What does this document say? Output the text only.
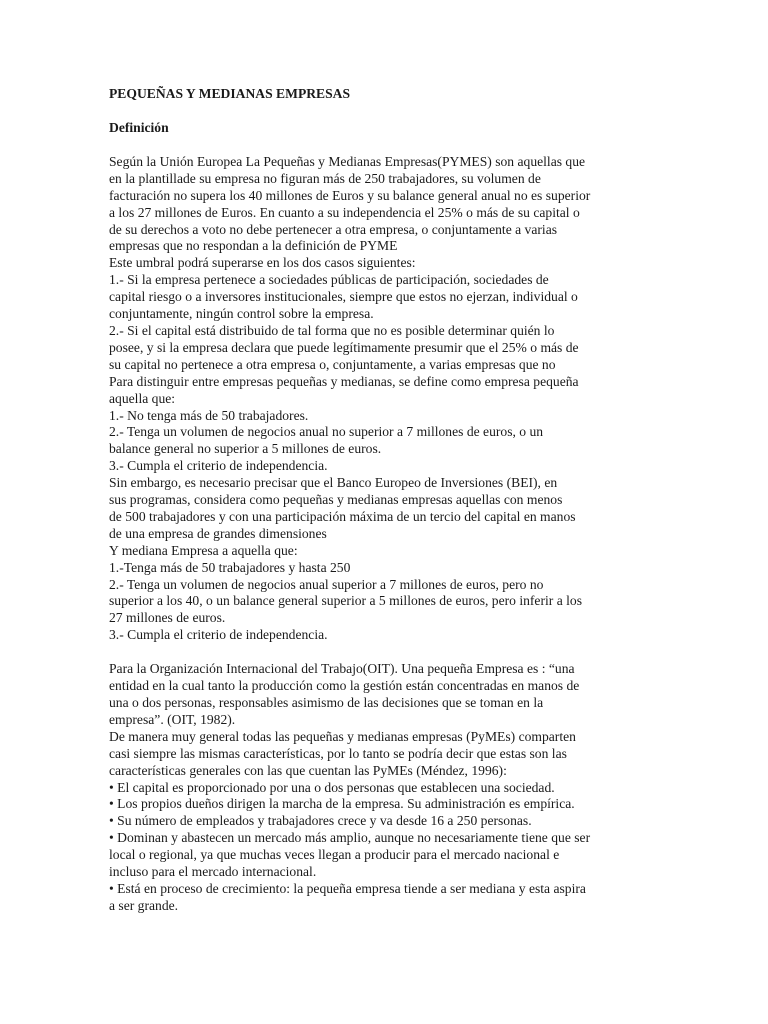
PEQUEÑAS Y MEDIANAS EMPRESAS
Definición
Según la Unión Europea La Pequeñas y Medianas Empresas(PYMES) son aquellas que
en la plantillade su empresa no figuran más de 250 trabajadores, su volumen de
facturación no supera los 40 millones de Euros y su balance general anual no es superior
a los 27 millones de Euros. En cuanto a su independencia el 25% o más de su capital o
de su derechos a voto no debe pertenecer a otra empresa, o conjuntamente a varias
empresas que no respondan a la definición de PYME
Este umbral podrá superarse en los dos casos siguientes:
1.- Si la empresa pertenece a sociedades públicas de participación, sociedades de
capital riesgo o a inversores institucionales, siempre que estos no ejerzan, individual o
conjuntamente, ningún control sobre la empresa.
2.- Si el capital está distribuido de tal forma que no es posible determinar quién lo
posee, y si la empresa declara que puede legítimamente presumir que el 25% o más de
su capital no pertenece a otra empresa o, conjuntamente, a varias empresas que no
Para distinguir entre empresas pequeñas y medianas, se define como empresa pequeña
aquella que:
1.- No tenga más de 50 trabajadores.
2.- Tenga un volumen de negocios anual no superior a 7 millones de euros, o un
balance general no superior a 5 millones de euros.
3.- Cumpla el criterio de independencia.
Sin embargo, es necesario precisar que el Banco Europeo de Inversiones (BEI), en
sus programas, considera como pequeñas y medianas empresas aquellas con menos
de 500 trabajadores y con una participación máxima de un tercio del capital en manos
de una empresa de grandes dimensiones
Y mediana Empresa a aquella que:
1.-Tenga más de 50 trabajadores y hasta 250
2.- Tenga un volumen de negocios anual superior a 7 millones de euros, pero no
superior a los 40, o un balance general superior a 5 millones de euros, pero inferir a los
27 millones de euros.
3.- Cumpla el criterio de independencia.
Para la Organización Internacional del Trabajo(OIT). Una pequeña Empresa es : “una
entidad en la cual tanto la producción como la gestión están concentradas en manos de
una o dos personas, responsables asimismo de las decisiones que se toman en la
empresa”. (OIT, 1982).
De manera muy general todas las pequeñas y medianas empresas (PyMEs) comparten
casi siempre las mismas características, por lo tanto se podría decir que estas son las
características generales con las que cuentan las PyMEs (Méndez, 1996):
• El capital es proporcionado por una o dos personas que establecen una sociedad.
• Los propios dueños dirigen la marcha de la empresa. Su administración es empírica.
• Su número de empleados y trabajadores crece y va desde 16 a 250 personas.
• Dominan y abastecen un mercado más amplio, aunque no necesariamente tiene que ser
local o regional, ya que muchas veces llegan a producir para el mercado nacional e
incluso para el mercado internacional.
• Está en proceso de crecimiento: la pequeña empresa tiende a ser mediana y esta aspira
a ser grande.
